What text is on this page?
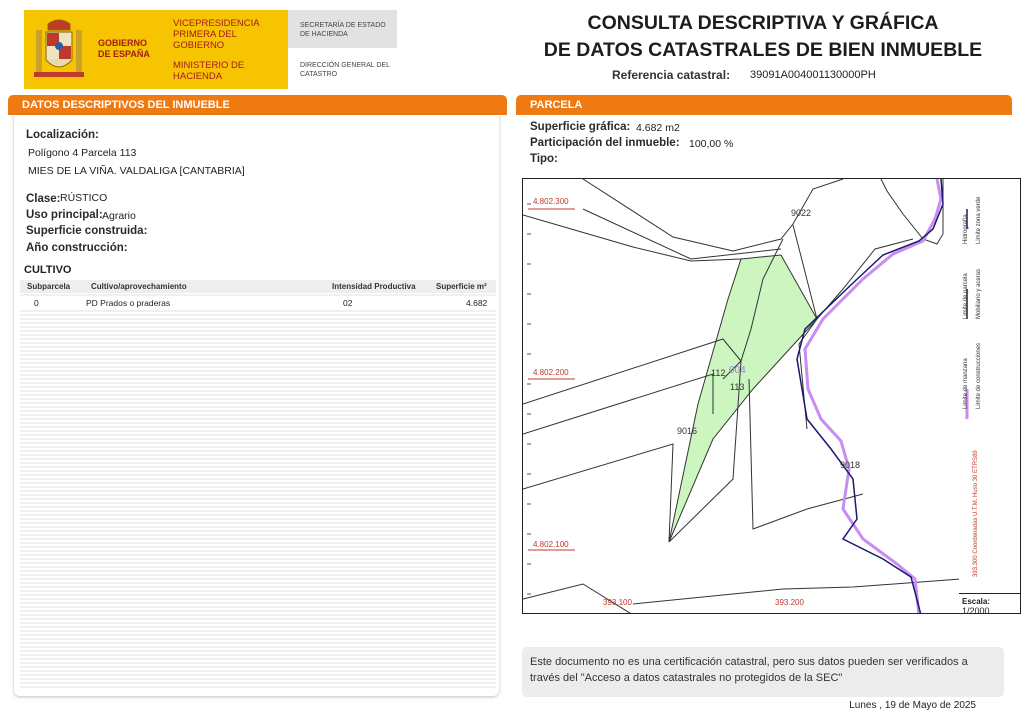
GOBIERNO DE ESPAÑA
VICEPRESIDENCIA PRIMERA DEL GOBIERNO
MINISTERIO DE HACIENDA
SECRETARÍA DE ESTADO DE HACIENDA
DIRECCIÓN GENERAL DEL CATASTRO
CONSULTA DESCRIPTIVA Y GRÁFICA
DE DATOS CATASTRALES DE BIEN INMUEBLE
Referencia catastral: 39091A004001130000PH
DATOS DESCRIPTIVOS DEL INMUEBLE
Localización:
Polígono 4 Parcela 113
MIES DE LA VIÑA. VALDALIGA [CANTABRIA]
Clase: RÚSTICO
Uso principal: Agrario
Superficie construida:
Año construcción:
CULTIVO
Subparcela	Cultivo/aprovechamiento	Intensidad Productiva	Superficie m²
0	PD Prados o praderas	02	4.682
PARCELA
Superficie gráfica: 4.682 m2
Participación del inmueble: 100,00 %
Tipo:
4.802.300
4.802.200
4.802.100
393.100	393.200
9022
112
113
004
9016
9018
Limite de parcela Mobiliario y aceras
Hidrografía Limite zona verde
Limite de manzana Limite de construcciones
393,300 Coordenadas U.T.M. Huso 30 ETRS89
Escala:
1/2000
Este documento no es una certificación catastral, pero sus datos pueden ser verificados a través del "Acceso a datos catastrales no protegidos de la SEC"
Lunes , 19 de Mayo de 2025
